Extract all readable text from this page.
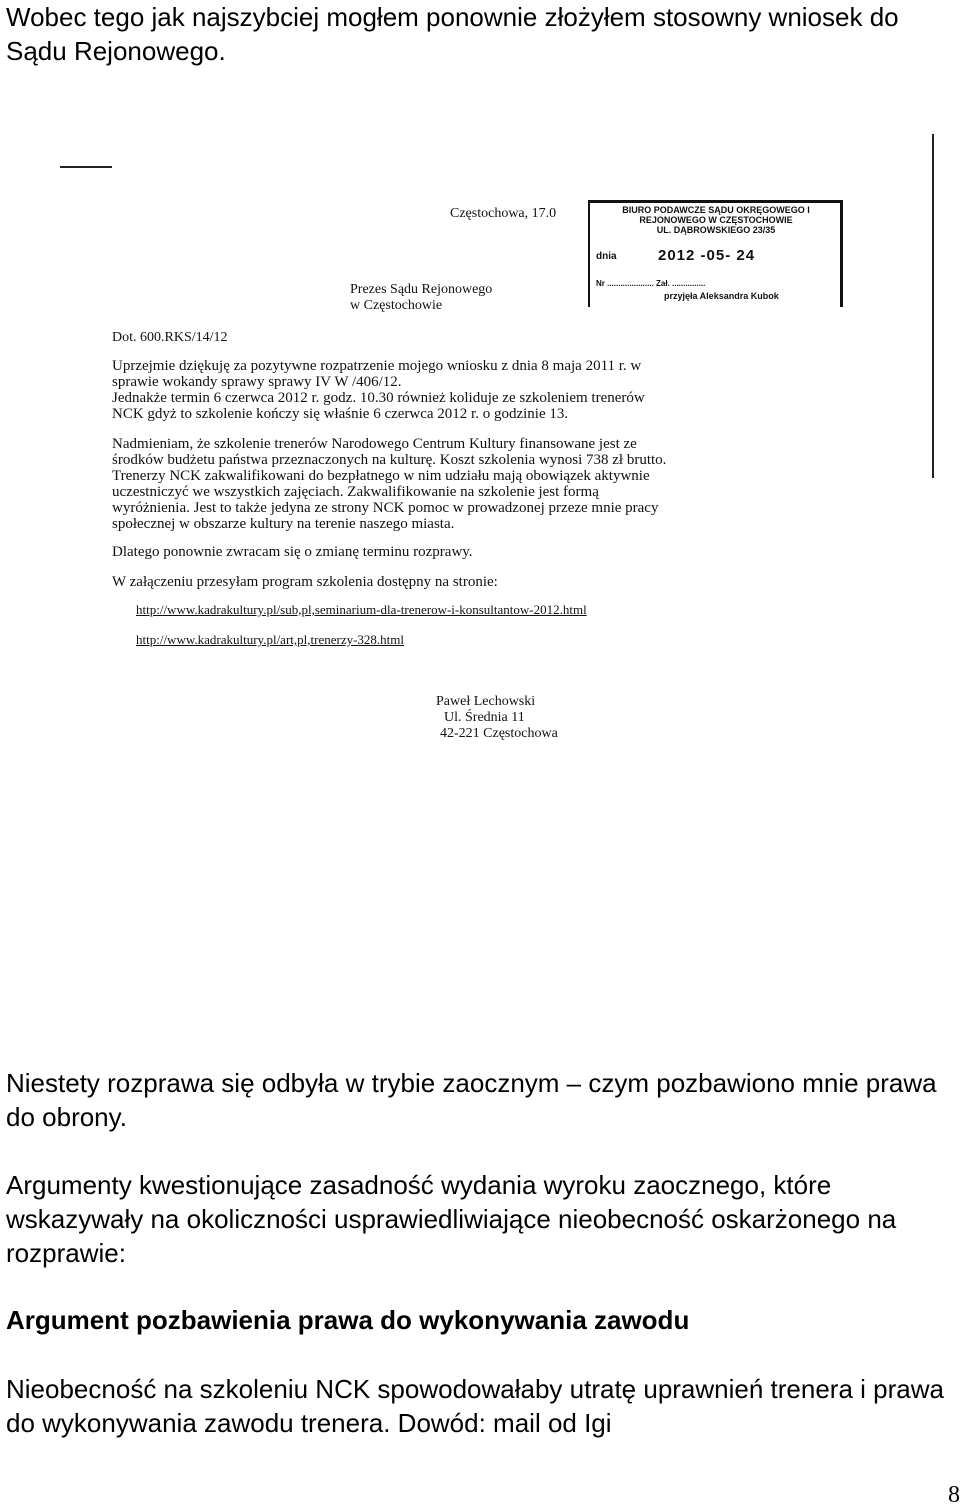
Wobec tego jak najszybciej mogłem ponownie złożyłem stosowny wniosek do Sądu Rejonowego.

Częstochowa, 17.0	BIURO PODAWCZE SĄDU OKRĘGOWEGO I
REJONOWEGO W CZĘSTOCHOWIE
UL. DĄBROWSKIEGO 23/35
dnia	2012 -05- 24
Nr ..................... Zał. ...............
przyjęła Aleksandra Kubok
Prezes Sądu Rejonowego
w Częstochowie
Dot. 600.RKS/14/12
Uprzejmie dziękuję za pozytywne rozpatrzenie mojego wniosku z dnia 8 maja 2011 r. w
sprawie wokandy sprawy sprawy IV W /406/12.
Jednakże termin 6 czerwca 2012 r. godz. 10.30 również koliduje ze szkoleniem trenerów
NCK gdyż to szkolenie kończy się właśnie 6 czerwca 2012 r. o godzinie 13.
Nadmieniam, że szkolenie trenerów Narodowego Centrum Kultury finansowane jest ze
środków budżetu państwa przeznaczonych na kulturę. Koszt szkolenia wynosi 738 zł brutto.
Trenerzy NCK zakwalifikowani do bezpłatnego w nim udziału mają obowiązek aktywnie
uczestniczyć we wszystkich zajęciach. Zakwalifikowanie na szkolenie jest formą
wyróżnienia. Jest to także jedyna ze strony NCK pomoc w prowadzonej przeze mnie pracy
społecznej w obszarze kultury na terenie naszego miasta.
Dlatego ponownie zwracam się o zmianę terminu rozprawy.
W załączeniu przesyłam program szkolenia dostępny na stronie:
http://www.kadrakultury.pl/sub,pl,seminarium-dla-trenerow-i-konsultantow-2012.html
http://www.kadrakultury.pl/art,pl,trenerzy-328.html
Paweł Lechowski
Ul. Średnia 11
42-221 Częstochowa

Niestety rozprawa się odbyła w trybie zaocznym – czym pozbawiono mnie prawa do obrony.

Argumenty kwestionujące zasadność wydania wyroku zaocznego, które wskazywały na okoliczności usprawiedliwiające nieobecność oskarżonego na rozprawie:

Argument pozbawienia prawa do wykonywania zawodu

Nieobecność na szkoleniu NCK spowodowałaby utratę uprawnień trenera i prawa do wykonywania zawodu trenera. Dowód: mail od Igi

8
